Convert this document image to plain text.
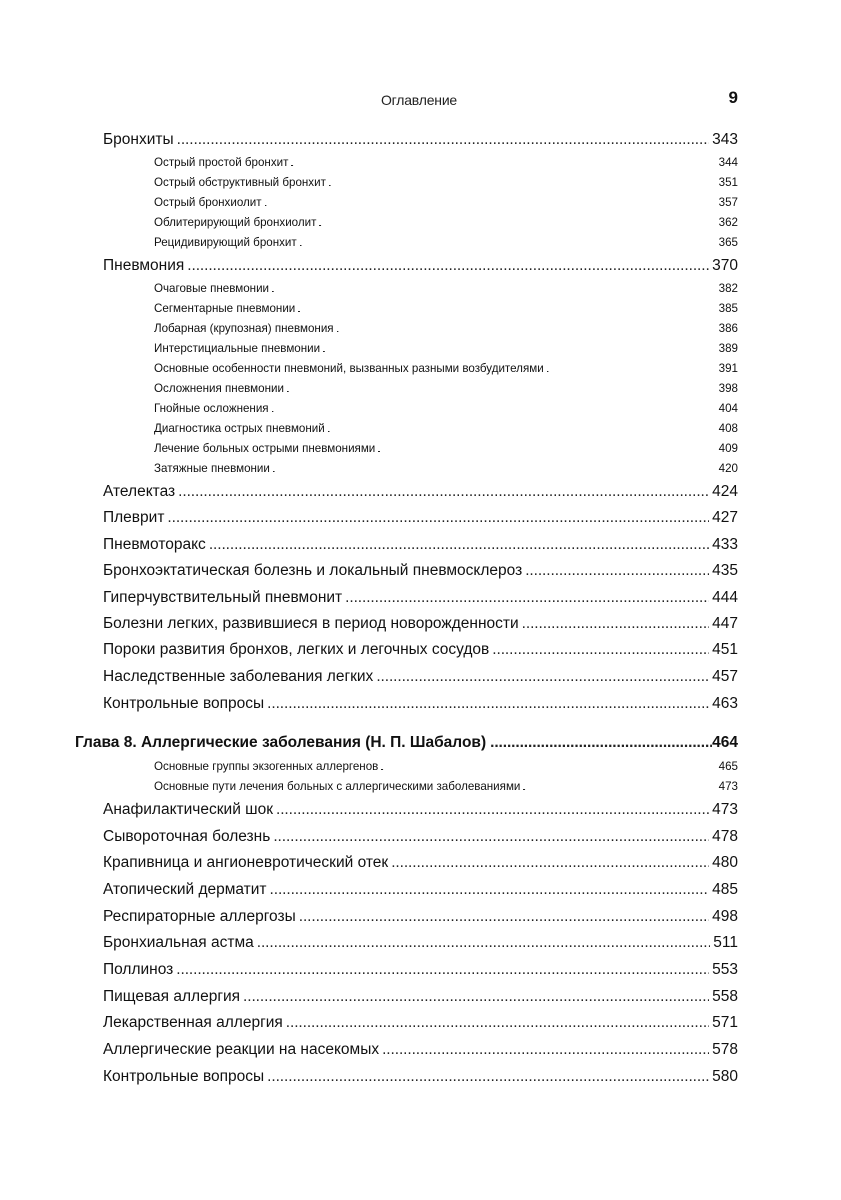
Оглавление	9
Бронхиты . . .	343
Острый простой бронхит . . .	344
Острый обструктивный бронхит . . .	351
Острый бронхиолит . . .	357
Облитерирующий бронхиолит . . .	362
Рецидивирующий бронхит . . .	365
Пневмония . . .	370
Очаговые пневмонии . . .	382
Сегментарные пневмонии . . .	385
Лобарная (крупозная) пневмония . . .	386
Интерстициальные пневмонии . . .	389
Основные особенности пневмоний, вызванных разными возбудителями . . .	391
Осложнения пневмонии . . .	398
Гнойные осложнения . . .	404
Диагностика острых пневмоний . . .	408
Лечение больных острыми пневмониями . . .	409
Затяжные пневмонии . . .	420
Ателектаз . . .	424
Плеврит . . .	427
Пневмоторакс . . .	433
Бронхоэктатическая болезнь и локальный пневмосклероз . . .	435
Гиперчувствительный пневмонит . . .	444
Болезни легких, развившиеся в период новорожденности . . .	447
Пороки развития бронхов, легких и легочных сосудов . . .	451
Наследственные заболевания легких . . .	457
Контрольные вопросы . . .	463
Глава 8. Аллергические заболевания (Н. П. Шабалов) . . .	464
Основные группы экзогенных аллергенов . . .	465
Основные пути лечения больных с аллергическими заболеваниями . . .	473
Анафилактический шок . . .	473
Сывороточная болезнь . . .	478
Крапивница и ангионевротический отек . . .	480
Атопический дерматит . . .	485
Респираторные аллергозы . . .	498
Бронхиальная астма . . .	511
Поллиноз . . .	553
Пищевая аллергия . . .	558
Лекарственная аллергия . . .	571
Аллергические реакции на насекомых . . .	578
Контрольные вопросы . . .	580
